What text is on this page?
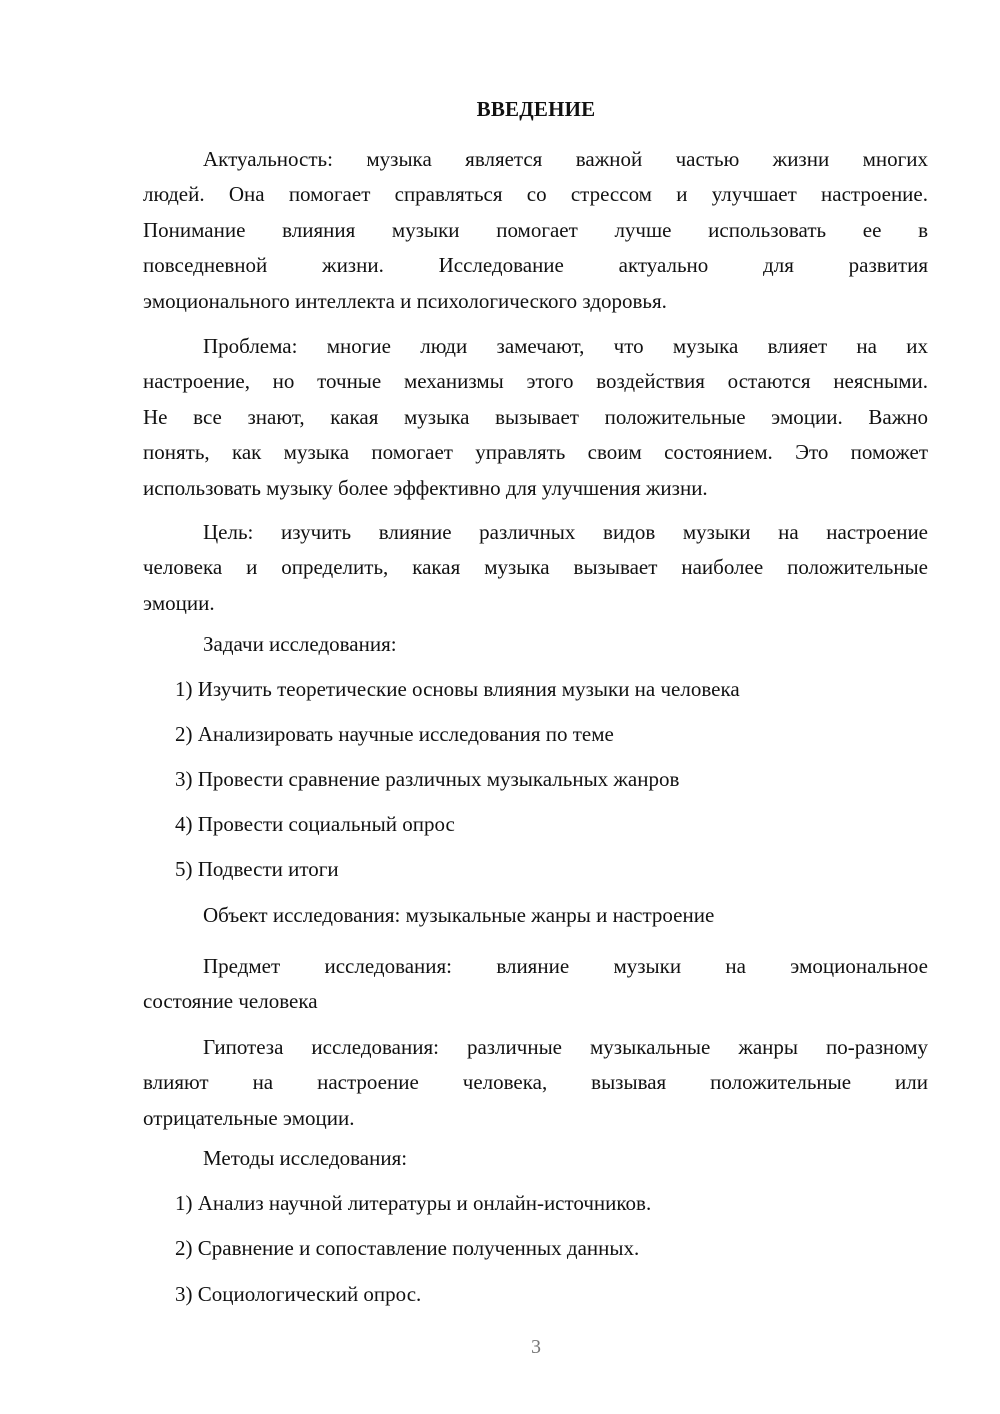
ВВЕДЕНИЕ
Актуальность: музыка является важной частью жизни многих
людей. Она помогает справляться со стрессом и улучшает настроение.
Понимание влияния музыки помогает лучше использовать ее в
повседневной жизни. Исследование актуально для развития
эмоционального интеллекта и психологического здоровья.
Проблема: многие люди замечают, что музыка влияет на их
настроение, но точные механизмы этого воздействия остаются неясными.
Не все знают, какая музыка вызывает положительные эмоции. Важно
понять, как музыка помогает управлять своим состоянием. Это поможет
использовать музыку более эффективно для улучшения жизни.
Цель: изучить влияние различных видов музыки на настроение
человека и определить, какая музыка вызывает наиболее положительные
эмоции.
Задачи исследования:
1) Изучить теоретические основы влияния музыки на человека
2) Анализировать научные исследования по теме
3) Провести сравнение различных музыкальных жанров
4) Провести социальный опрос
5) Подвести итоги
Объект исследования: музыкальные жанры и настроение
Предмет исследования: влияние музыки на эмоциональное
состояние человека
Гипотеза исследования: различные музыкальные жанры по-разному
влияют на настроение человека, вызывая положительные или
отрицательные эмоции.
Методы исследования:
1) Анализ научной литературы и онлайн-источников.
2) Сравнение и сопоставление полученных данных.
3) Социологический опрос.
3
